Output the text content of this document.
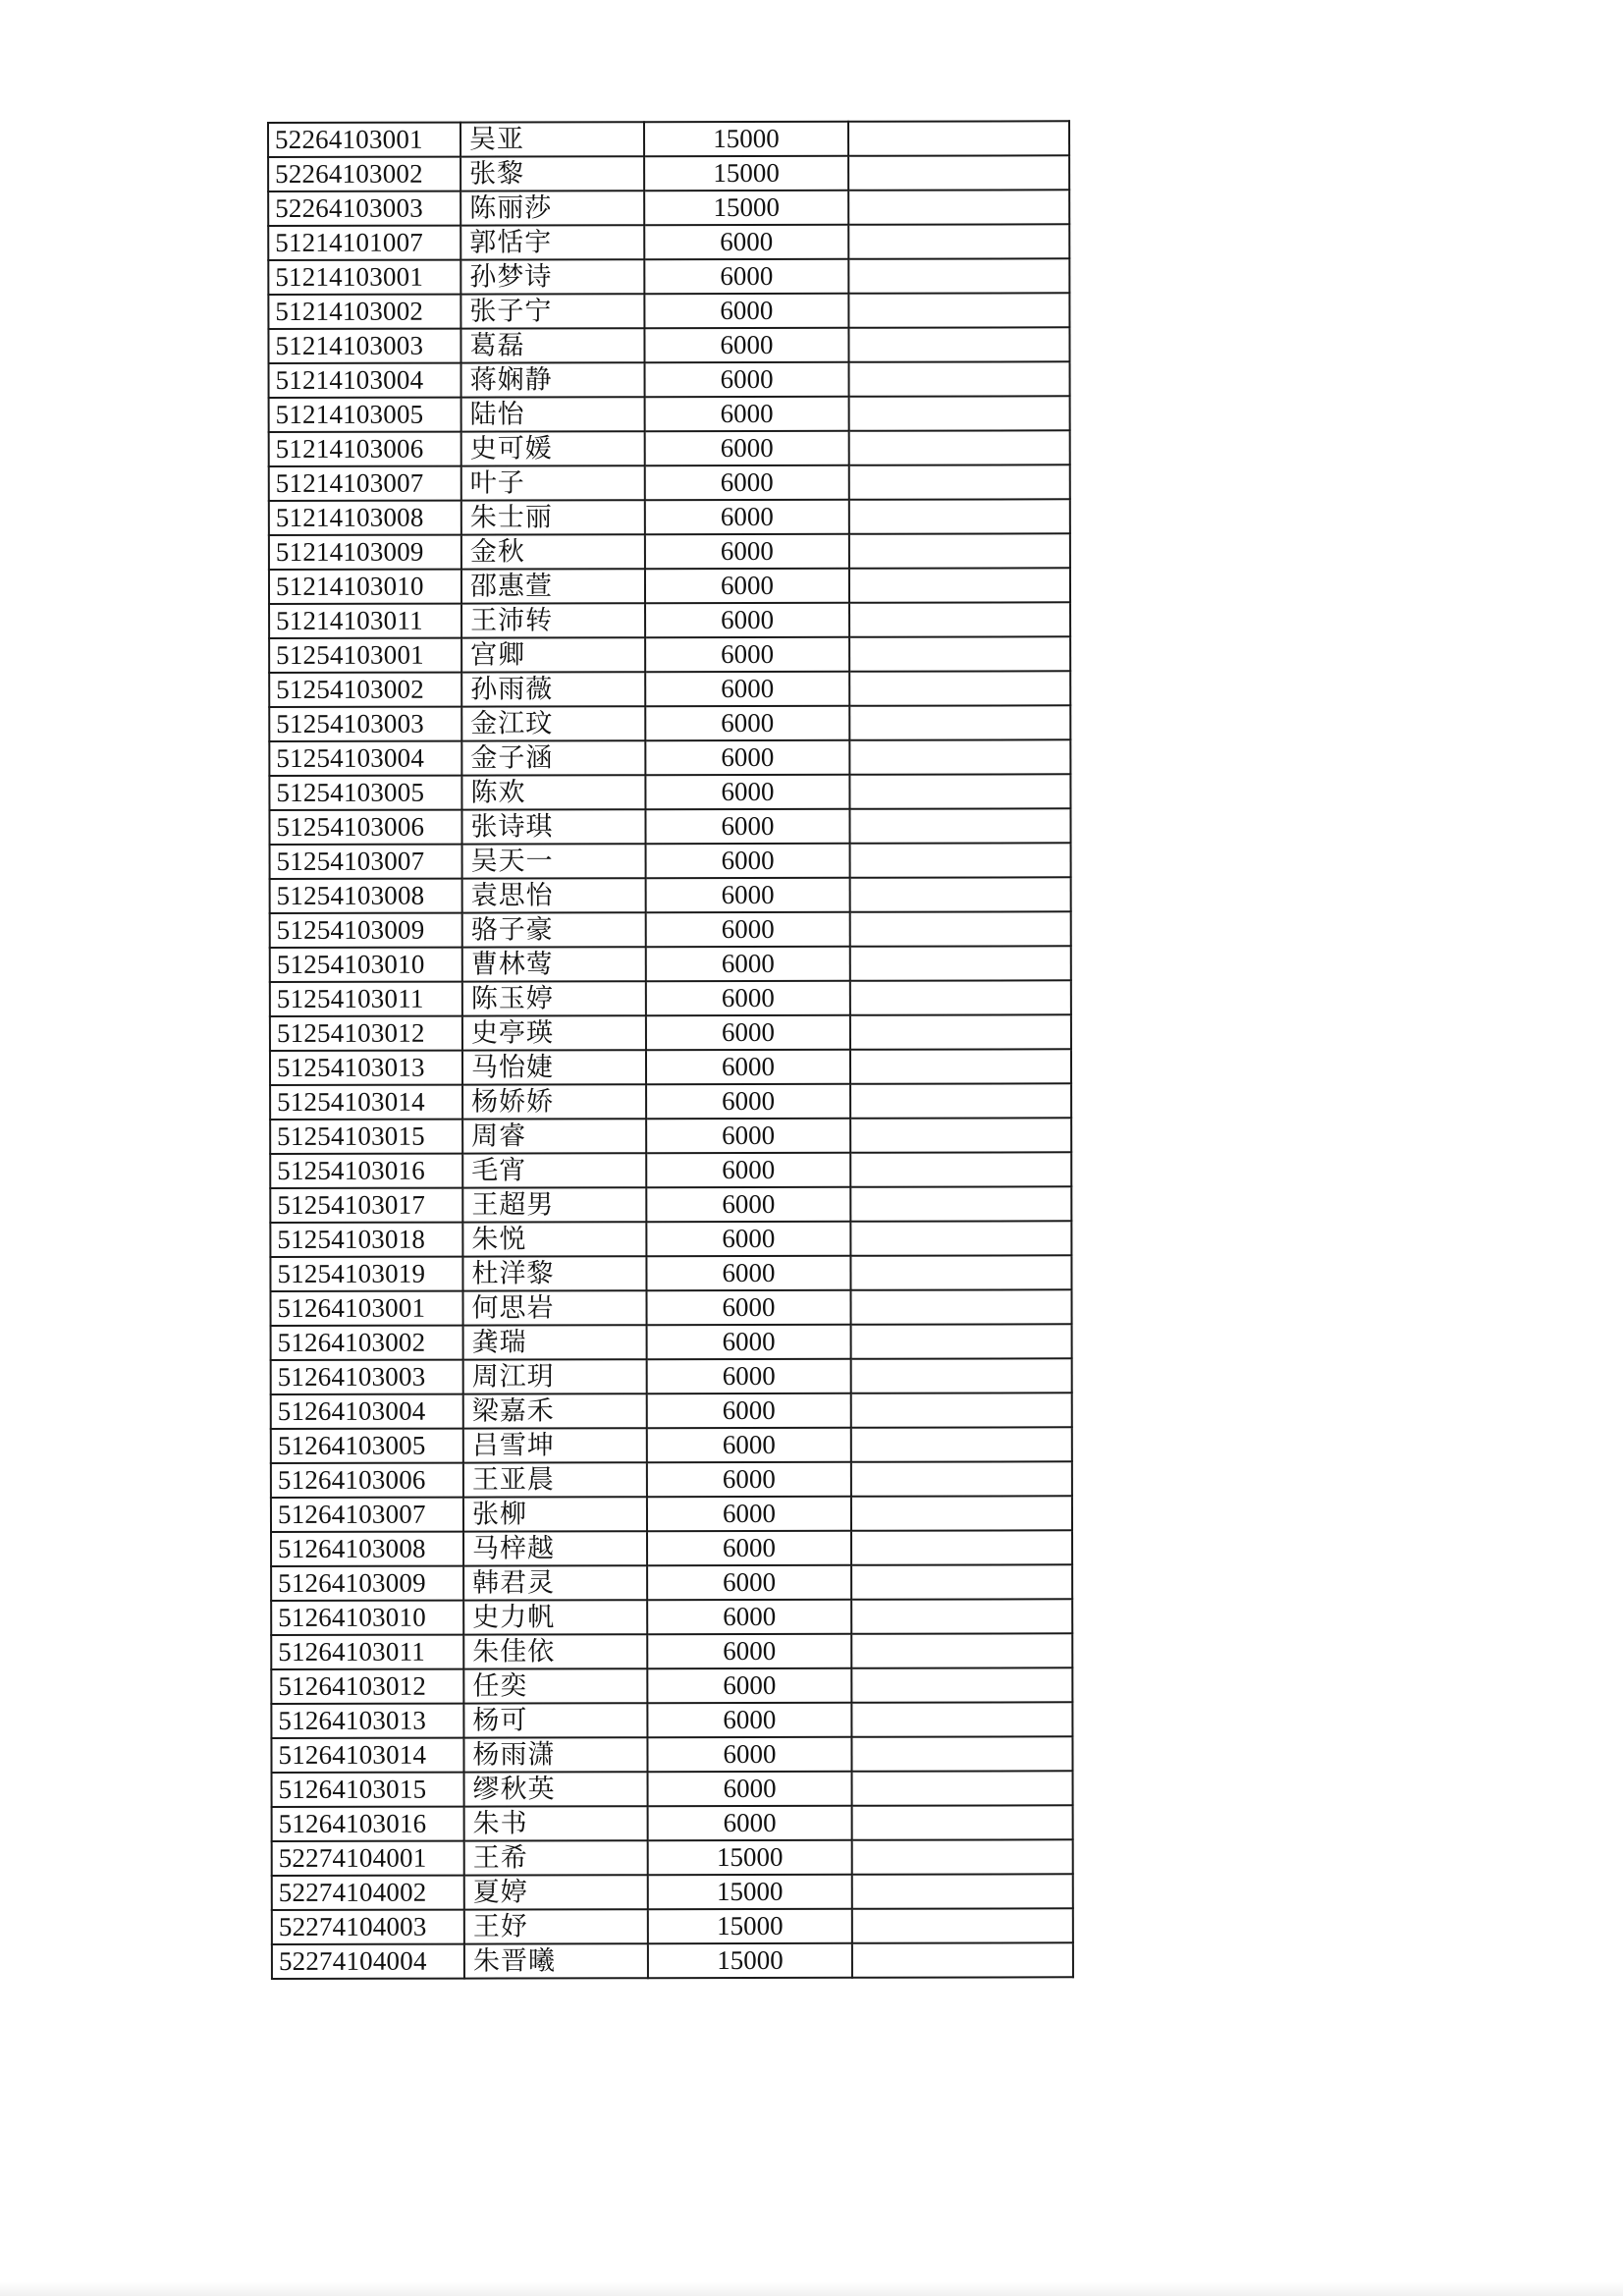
52264103001	吴亚	15000	
52264103002	张黎	15000	
52264103003	陈丽莎	15000	
51214101007	郭恬宇	6000	
51214103001	孙梦诗	6000	
51214103002	张子宁	6000	
51214103003	葛磊	6000	
51214103004	蒋娴静	6000	
51214103005	陆怡	6000	
51214103006	史可媛	6000	
51214103007	叶子	6000	
51214103008	朱士丽	6000	
51214103009	金秋	6000	
51214103010	邵惠萱	6000	
51214103011	王沛转	6000	
51254103001	宫卿	6000	
51254103002	孙雨薇	6000	
51254103003	金江玟	6000	
51254103004	金子涵	6000	
51254103005	陈欢	6000	
51254103006	张诗琪	6000	
51254103007	吴天一	6000	
51254103008	袁思怡	6000	
51254103009	骆子豪	6000	
51254103010	曹林莺	6000	
51254103011	陈玉婷	6000	
51254103012	史亭瑛	6000	
51254103013	马怡婕	6000	
51254103014	杨娇娇	6000	
51254103015	周睿	6000	
51254103016	毛宵	6000	
51254103017	王超男	6000	
51254103018	朱悦	6000	
51254103019	杜洋黎	6000	
51264103001	何思岩	6000	
51264103002	龚瑞	6000	
51264103003	周江玥	6000	
51264103004	梁嘉禾	6000	
51264103005	吕雪坤	6000	
51264103006	王亚晨	6000	
51264103007	张柳	6000	
51264103008	马梓越	6000	
51264103009	韩君灵	6000	
51264103010	史力帆	6000	
51264103011	朱佳依	6000	
51264103012	任奕	6000	
51264103013	杨可	6000	
51264103014	杨雨潇	6000	
51264103015	缪秋英	6000	
51264103016	朱书	6000	
52274104001	王希	15000	
52274104002	夏婷	15000	
52274104003	王妤	15000	
52274104004	朱晋曦	15000	
